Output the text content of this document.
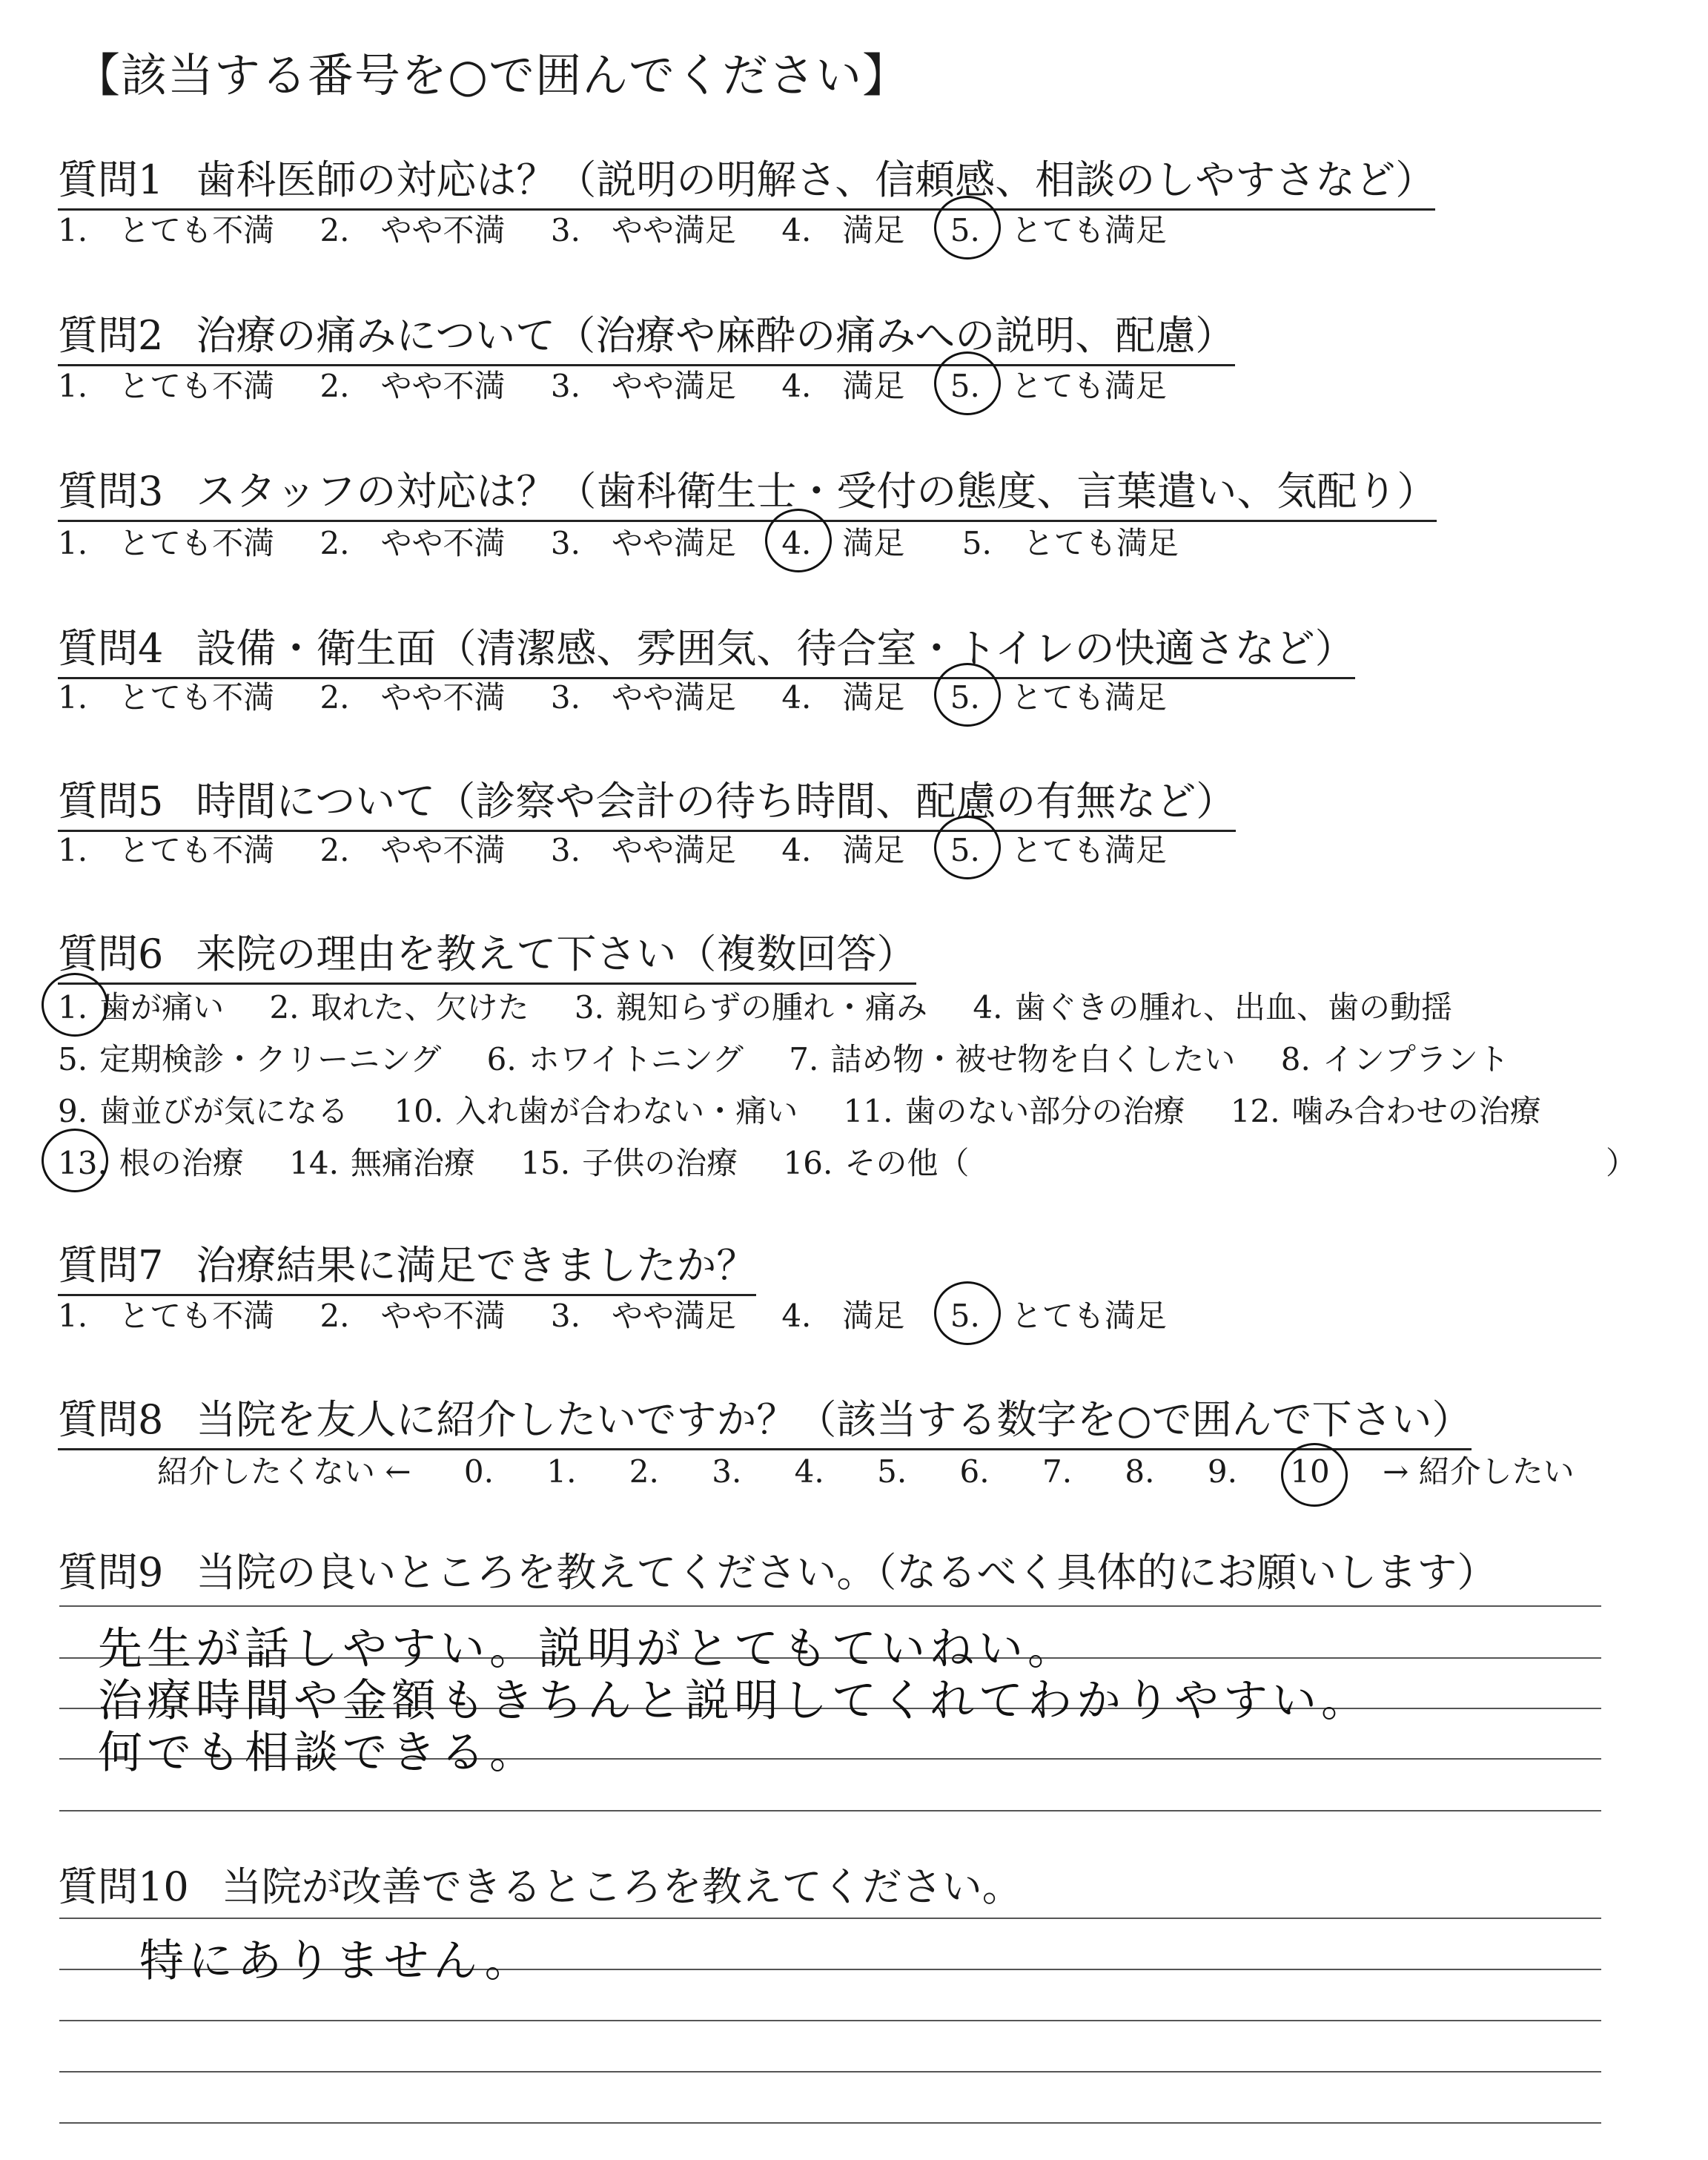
【該当する番号を○で囲んでください】
質問1 歯科医師の対応は？（説明の明解さ、信頼感、相談のしやすさなど）
1.　とても不満 2.　やや不満 3.　やや満足 4.　満足 5.　とても満足
質問2 治療の痛みについて（治療や麻酔の痛みへの説明、配慮）
1.　とても不満 2.　やや不満 3.　やや満足 4.　満足 5.　とても満足
質問3 スタッフの対応は？（歯科衛生士・受付の態度、言葉遣い、気配り）
1.　とても不満 2.　やや不満 3.　やや満足 4.　満足 5.　とても満足
質問4 設備・衛生面（清潔感、雰囲気、待合室・トイレの快適さなど）
1.　とても不満 2.　やや不満 3.　やや満足 4.　満足 5.　とても満足
質問5 時間について（診察や会計の待ち時間、配慮の有無など）
1.　とても不満 2.　やや不満 3.　やや満足 4.　満足 5.　とても満足
質問6 来院の理由を教えて下さい（複数回答）
1. 歯が痛い 2. 取れた、欠けた 3. 親知らずの腫れ・痛み 4. 歯ぐきの腫れ、出血、歯の動揺
5. 定期検診・クリーニング 6. ホワイトニング 7. 詰め物・被せ物を白くしたい 8. インプラント
9. 歯並びが気になる 10. 入れ歯が合わない・痛い 11. 歯のない部分の治療 12. 噛み合わせの治療
13. 根の治療 14. 無痛治療 15. 子供の治療 16. その他（	）
質問7 治療結果に満足できましたか？
1.　とても不満 2.　やや不満 3.　やや満足 4.　満足 5.　とても満足
質問8 当院を友人に紹介したいですか？（該当する数字を○で囲んで下さい）
紹介したくない ← 0. 1. 2. 3. 4. 5. 6. 7. 8. 9. 10 → 紹介したい
質問9 当院の良いところを教えてください。（なるべく具体的にお願いします）
先生が話しやすい。説明がとてもていねい。
治療時間や金額もきちんと説明してくれてわかりやすい。
何でも相談できる。
質問10 当院が改善できるところを教えてください。
特にありません。
